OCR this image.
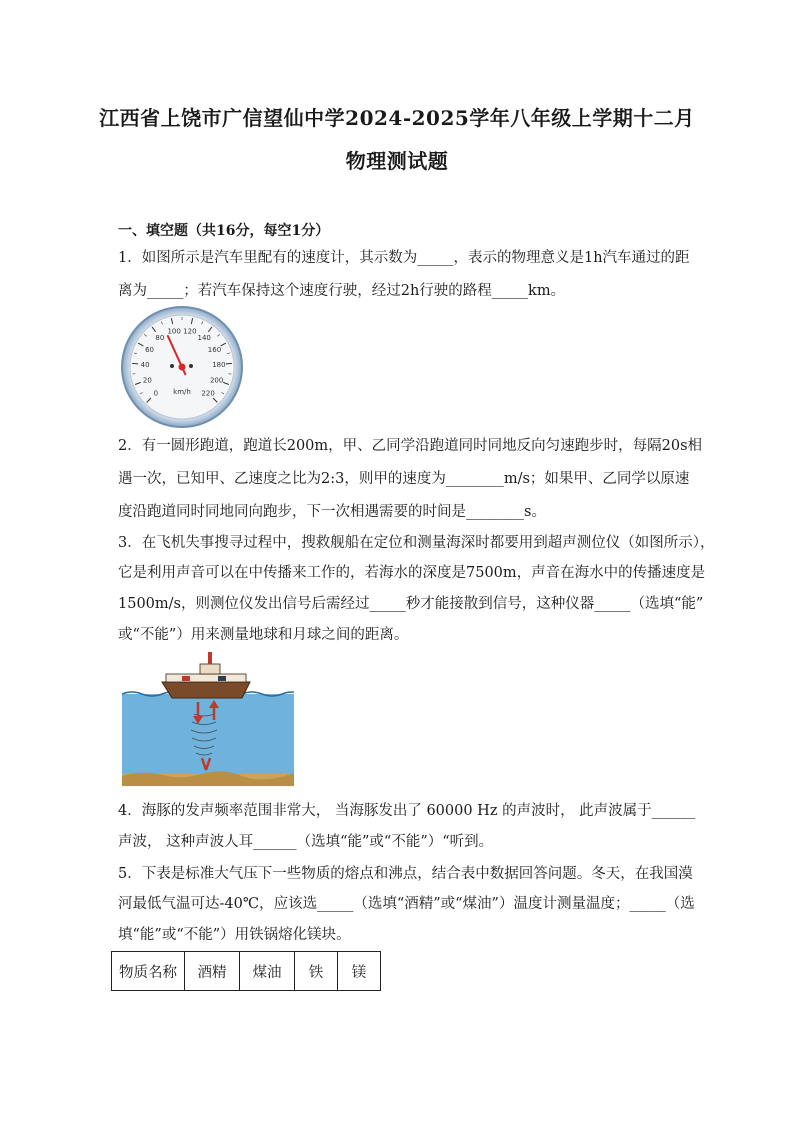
江西省上饶市广信望仙中学2024-2025学年八年级上学期十二月
物理测试题
一、填空题（共16分，每空1分）
1．如图所示是汽车里配有的速度计，其示数为_____，表示的物理意义是1h汽车通过的距
离为_____；若汽车保持这个速度行驶，经过2h行驶的路程_____km。
0
20
40
60
80
100 120
140
160
180
200
220
km/h
2．有一圆形跑道，跑道长200m，甲、乙同学沿跑道同时同地反向匀速跑步时，每隔20s相
遇一次，已知甲、乙速度之比为2:3，则甲的速度为________m/s；如果甲、乙同学以原速
度沿跑道同时同地同向跑步，下一次相遇需要的时间是________s。
3．在飞机失事搜寻过程中，搜救舰船在定位和测量海深时都要用到超声测位仪（如图所示），
它是利用声音可以在中传播来工作的，若海水的深度是7500m，声音在海水中的传播速度是
1500m/s，则测位仪发出信号后需经过_____秒才能接散到信号，这种仪器_____（选填“能”
或“不能”）用来测量地球和月球之间的距离。
4．海豚的发声频率范围非常大， 当海豚发出了 60000 Hz 的声波时， 此声波属于______
声波， 这种声波人耳______（选填“能”或“不能”）“听到。
5．下表是标准大气压下一些物质的熔点和沸点，结合表中数据回答问题。冬天，在我国漠
河最低气温可达-40℃，应该选_____（选填“酒精”或“煤油”）温度计测量温度；_____（选
填“能”或“不能”）用铁锅熔化镁块。
物质名称	酒精	煤油	铁	镁
